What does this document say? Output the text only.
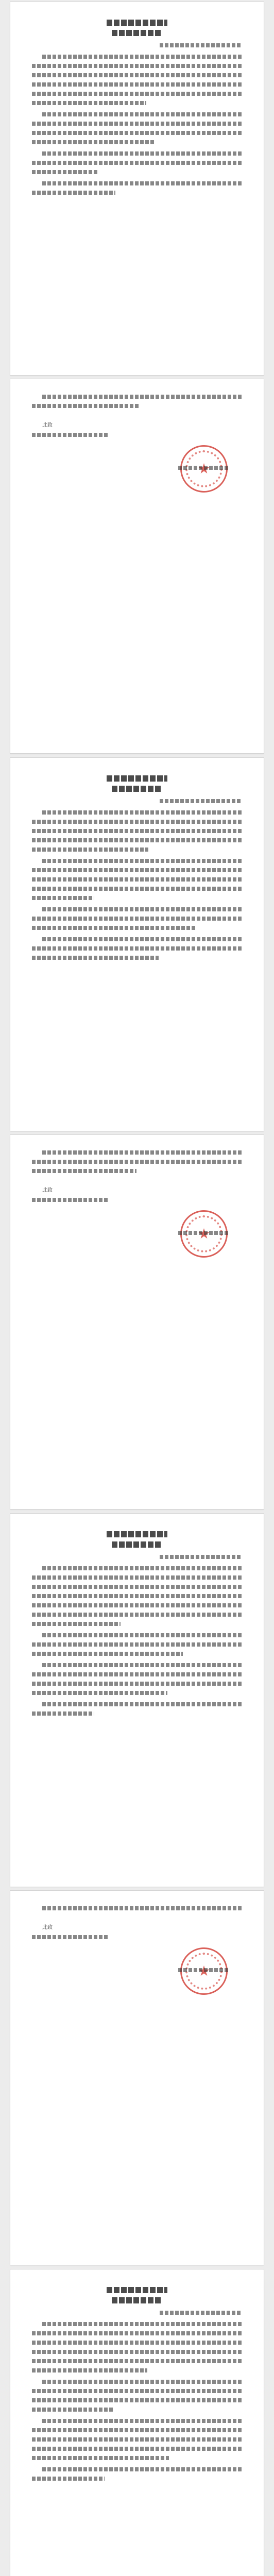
此致
此致
此致
